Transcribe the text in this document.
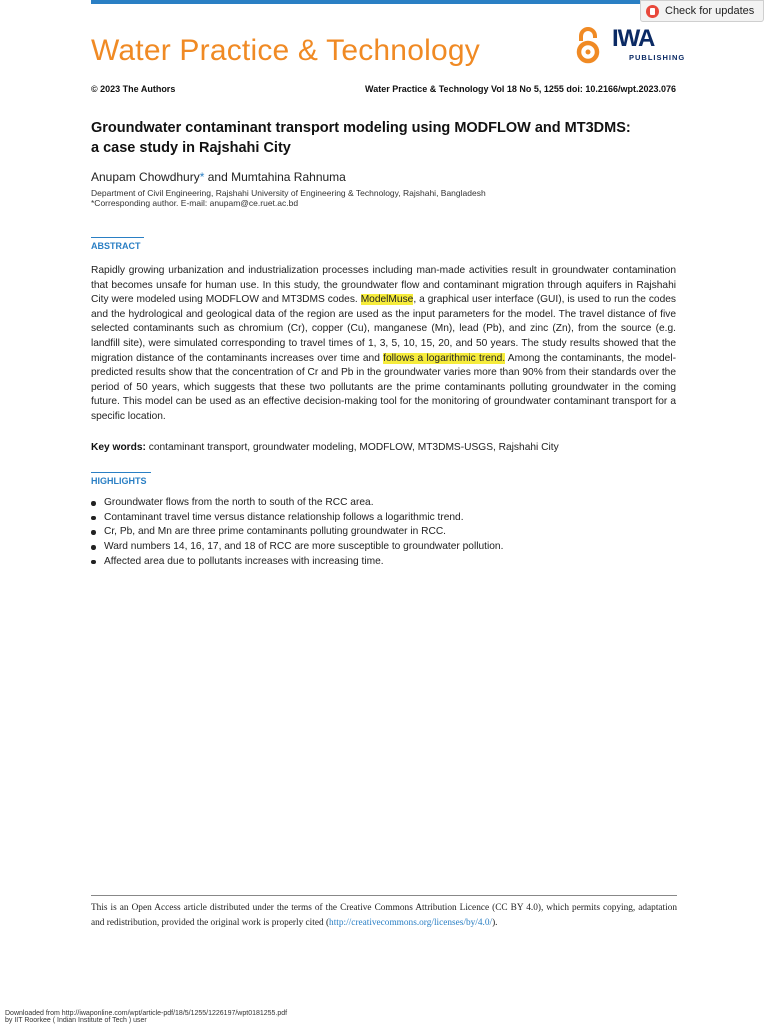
Water Practice & Technology
Check for updates
IWA
PUBLISHING
© 2023 The Authors	Water Practice & Technology Vol 18 No 5, 1255 doi: 10.2166/wpt.2023.076
Groundwater contaminant transport modeling using MODFLOW and MT3DMS:
a case study in Rajshahi City
Anupam Chowdhury* and Mumtahina Rahnuma
Department of Civil Engineering, Rajshahi University of Engineering & Technology, Rajshahi, Bangladesh
*Corresponding author. E-mail: anupam@ce.ruet.ac.bd
ABSTRACT
Rapidly growing urbanization and industrialization processes including man-made activities result in groundwater contamination that becomes unsafe for human use. In this study, the groundwater flow and contaminant migration through aquifers in Rajshahi City were modeled using MODFLOW and MT3DMS codes. ModelMuse, a graphical user interface (GUI), is used to run the codes and the hydrological and geological data of the region are used as the input parameters for the model. The travel distance of five selected contaminants such as chromium (Cr), copper (Cu), manganese (Mn), lead (Pb), and zinc (Zn), from the source (e.g. landfill site), were simulated corresponding to travel times of 1, 3, 5, 10, 15, 20, and 50 years. The study results showed that the migration distance of the contaminants increases over time and follows a logarithmic trend. Among the contaminants, the model-predicted results show that the concentration of Cr and Pb in the groundwater varies more than 90% from their standards over the period of 50 years, which suggests that these two pollutants are the prime contaminants polluting groundwater in the coming future. This model can be used as an effective decision-making tool for the monitoring of groundwater contaminant transport for a specific location.
Key words: contaminant transport, groundwater modeling, MODFLOW, MT3DMS-USGS, Rajshahi City
HIGHLIGHTS
Groundwater flows from the north to south of the RCC area.
Contaminant travel time versus distance relationship follows a logarithmic trend.
Cr, Pb, and Mn are three prime contaminants polluting groundwater in RCC.
Ward numbers 14, 16, 17, and 18 of RCC are more susceptible to groundwater pollution.
Affected area due to pollutants increases with increasing time.
This is an Open Access article distributed under the terms of the Creative Commons Attribution Licence (CC BY 4.0), which permits copying, adaptation and redistribution, provided the original work is properly cited (http://creativecommons.org/licenses/by/4.0/).
Downloaded from http://iwaponline.com/wpt/article-pdf/18/5/1255/1226197/wpt0181255.pdf
by IIT Roorkee ( Indian Institute of Tech ) user
